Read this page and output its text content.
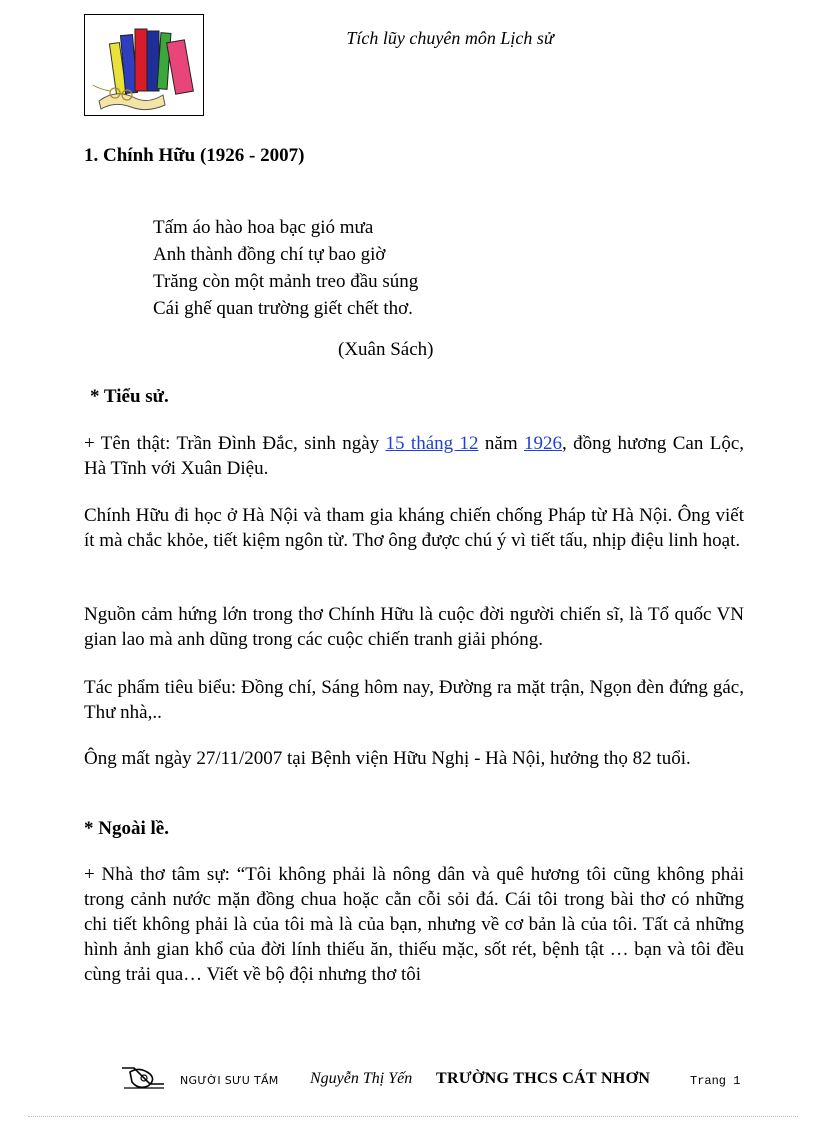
Tích lũy chuyên môn Lịch sử
1. Chính Hữu (1926 - 2007)
Tấm áo hào hoa bạc gió mưa
Anh thành đồng chí tự bao giờ
Trăng còn một mảnh treo đầu súng
Cái ghế quan trường giết chết thơ.
(Xuân Sách)
* Tiểu sử.
+ Tên thật: Trần Đình Đắc, sinh ngày 15 tháng 12 năm 1926, đồng hương Can Lộc, Hà Tĩnh với Xuân Diệu.
Chính Hữu đi học ở Hà Nội và tham gia kháng chiến chống Pháp từ Hà Nội. Ông viết ít mà chắc khỏe, tiết kiệm ngôn từ. Thơ ông được chú ý vì tiết tấu, nhịp điệu linh hoạt.
Nguồn cảm hứng lớn trong thơ Chính Hữu là cuộc đời người chiến sĩ, là Tổ quốc VN gian lao mà anh dũng trong các cuộc chiến tranh giải phóng.
Tác phẩm tiêu biểu: Đồng chí, Sáng hôm nay, Đường ra mặt trận, Ngọn đèn đứng gác, Thư nhà,..
Ông mất ngày 27/11/2007 tại Bệnh viện Hữu Nghị - Hà Nội, hưởng thọ 82 tuổi.
* Ngoài lề.
+ Nhà thơ tâm sự: “Tôi không phải là nông dân và quê hương tôi cũng không phải trong cảnh nước mặn đồng chua hoặc cằn cỗi sỏi đá. Cái tôi trong bài thơ có những chi tiết không phải là của tôi mà là của bạn, nhưng về cơ bản là của tôi. Tất cả những hình ảnh gian khổ của đời lính thiếu ăn, thiếu mặc, sốt rét, bệnh tật … bạn và tôi đều cùng trải qua… Viết về bộ đội nhưng thơ tôi
NGƯỜI SƯU TẦM Nguyễn Thị Yến TRƯỜNG THCS CÁT NHƠN	Trang 1
